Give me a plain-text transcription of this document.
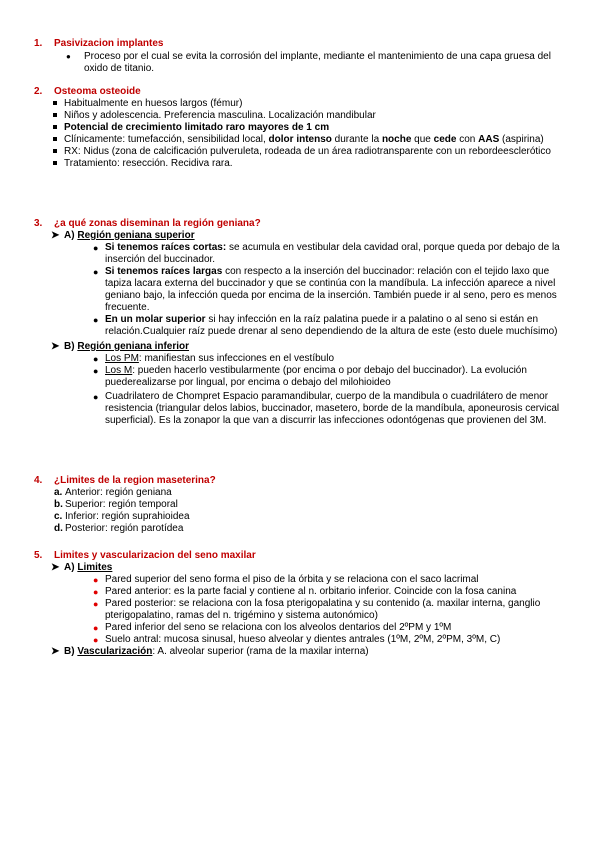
1. Pasivizacion implantes
● Proceso por el cual se evita la corrosión del implante, mediante el mantenimiento de una capa gruesa del oxido de titanio.
2. Osteoma osteoide
Habitualmente en huesos largos (fémur)
Niños y adolescencia. Preferencia masculina. Localización mandibular
Potencial de crecimiento limitado raro mayores de 1 cm
Clínicamente: tumefacción, sensibilidad local, dolor intenso durante la noche que cede con AAS (aspirina)
RX: Nidus (zona de calcificación pulveruleta, rodeada de un área radiotransparente con un rebordeesclerótico
Tratamiento: resección. Recidiva rara.
3. ¿a qué zonas diseminan la región geniana?
➤ A) Región geniana superior
● Si tenemos raíces cortas: se acumula en vestibular dela cavidad oral, porque queda por debajo de la inserción del buccinador.
● Si tenemos raíces largas con respecto a la inserción del buccinador: relación con el tejido laxo que tapiza lacara externa del buccinador y que se continúa con la mandíbula. La infección aparece a nivel geniano bajo, la infección queda por encima de la inserción. También puede ir al seno, pero es menos frecuente.
● En un molar superior si hay infección en la raíz palatina puede ir a palatino o al seno si están en relación.Cualquier raíz puede drenar al seno dependiendo de la altura de este (esto duele muchísimo)
➤ B) Región geniana inferior
● Los PM: manifiestan sus infecciones en el vestíbulo
● Los M: pueden hacerlo vestibularmente (por encima o por debajo del buccinador). La evolución puederealizarse por lingual, por encima o debajo del milohioideo
● Cuadrilatero de Chompret Espacio paramandibular, cuerpo de la mandibula o cuadrilátero de menor resistencia (triangular delos labios, buccinador, masetero, borde de la mandíbula, aponeurosis cervical superficial). Es la zonapor la que van a discurrir las infecciones odontógenas que provienen del 3M.
4. ¿Limites de la region maseterina?
a. Anterior: región geniana
b. Superior: región temporal
c. Inferior: región suprahioidea
d. Posterior: región parotídea
5. Limites y vascularizacion del seno maxilar
➤ A) Limites
● Pared superior del seno forma el piso de la órbita y se relaciona con el saco lacrimal
● Pared anterior: es la parte facial y contiene al n. orbitario inferior. Coincide con la fosa canina
● Pared posterior: se relaciona con la fosa pterigopalatina y su contenido (a. maxilar interna, ganglio pterigopalatino, ramas del n. trigémino y sistema autonómico)
● Pared inferior del seno se relaciona con los alveolos dentarios del 2ºPM y 1ºM
● Suelo antral: mucosa sinusal, hueso alveolar y dientes antrales (1ºM, 2ºM, 2ºPM, 3ºM, C)
➤ B) Vascularización: A. alveolar superior (rama de la maxilar interna)
